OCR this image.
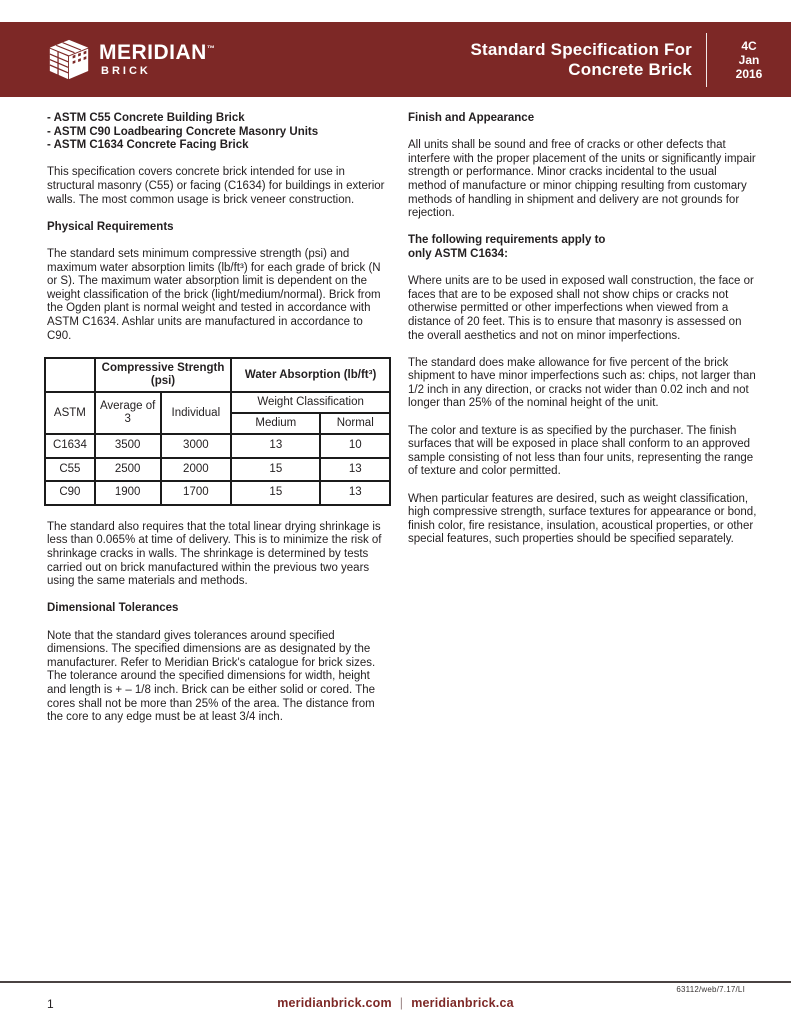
MERIDIAN™
BRICK
Standard Specification For
Concrete Brick
4C
Jan
2016
- ASTM C55 Concrete Building Brick
- ASTM C90 Loadbearing Concrete Masonry Units
- ASTM C1634 Concrete Facing Brick

This specification covers concrete brick intended for use in structural masonry (C55) or facing (C1634) for buildings in exterior walls. The most common usage is brick veneer construction.

Physical Requirements

The standard sets minimum compressive strength (psi) and maximum water absorption limits (lb/ft³) for each grade of brick (N or S). The maximum water absorption limit is dependent on the weight classification of the brick (light/medium/normal). Brick from the Ogden plant is normal weight and tested in accordance with ASTM C1634. Ashlar units are manufactured in accordance to C90.

	Compressive Strength (psi)		Water Absorption (lb/ft³)	
ASTM	Average of 3	Individual	Weight Classification	
			Medium	Normal
C1634	3500	3000	13	10
C55	2500	2000	15	13
C90	1900	1700	15	13

The standard also requires that the total linear drying shrinkage is less than 0.065% at time of delivery. This is to minimize the risk of shrinkage cracks in walls. The shrinkage is determined by tests carried out on brick manufactured within the previous two years using the same materials and methods.

Dimensional Tolerances

Note that the standard gives tolerances around specified dimensions. The specified dimensions are as designated by the manufacturer. Refer to Meridian Brick's catalogue for brick sizes. The tolerance around the specified dimensions for width, height and length is + – 1/8 inch. Brick can be either solid or cored. The cores shall not be more than 25% of the area. The distance from the core to any edge must be at least 3/4 inch.

Finish and Appearance

All units shall be sound and free of cracks or other defects that interfere with the proper placement of the units or significantly impair strength or performance. Minor cracks incidental to the usual method of manufacture or minor chipping resulting from customary methods of handling in shipment and delivery are not grounds for rejection.

The following requirements apply to
only ASTM C1634:

Where units are to be used in exposed wall construction, the face or faces that are to be exposed shall not show chips or cracks not otherwise permitted or other imperfections when viewed from a distance of 20 feet. This is to ensure that masonry is assessed on the overall aesthetics and not on minor imperfections.

The standard does make allowance for five percent of the brick shipment to have minor imperfections such as: chips, not larger than 1/2 inch in any direction, or cracks not wider than 0.02 inch and not longer than 25% of the nominal height of the unit.

The color and texture is as specified by the purchaser. The finish surfaces that will be exposed in place shall conform to an approved sample consisting of not less than four units, representing the range of texture and color permitted.

When particular features are desired, such as weight classification, high compressive strength, surface textures for appearance or bond, finish color, fire resistance, insulation, acoustical properties, or other special features, such properties should be specified separately.

63112/web/7.17/LI
1	meridianbrick.com | meridianbrick.ca
